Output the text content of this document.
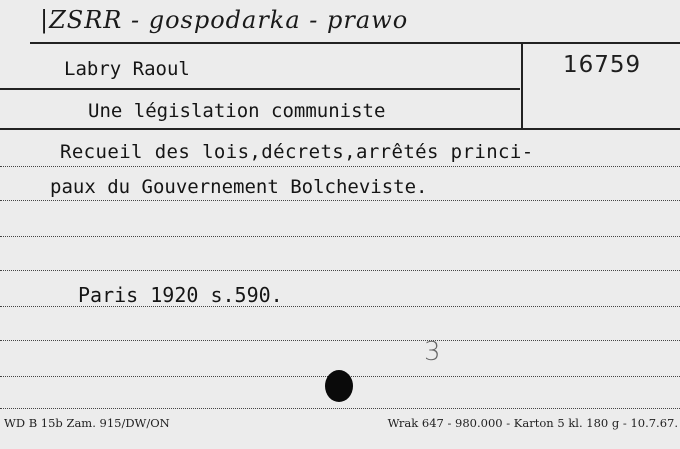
|ZSRR - gospodarka - prawo
Labry Raoul	16759
Une législation communiste
Recueil des lois,décrets,arrêtés princi-
paux du Gouvernement Bolcheviste.
Paris 1920 s.590.
3
WD B 15b Zam. 915/DW/ON	Wrak 647 - 980.000 - Karton 5 kl. 180 g - 10.7.67.
